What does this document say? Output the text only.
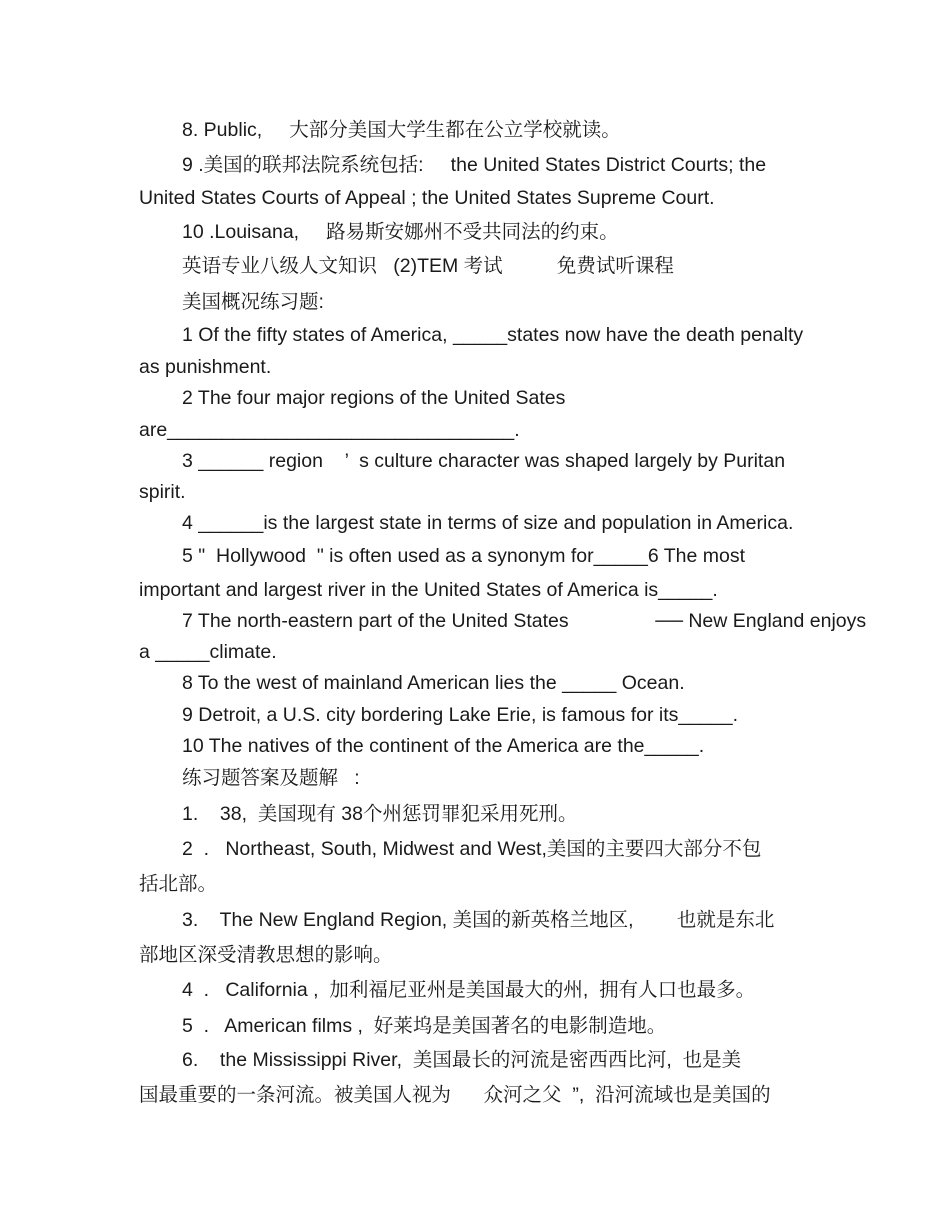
8. Public,     大部分美国大学生都在公立学校就读。
9 .美国的联邦法院系统包括:     the United States District Courts; the
United States Courts of Appeal ; the United States Supreme Court.
10 .Louisana,     路易斯安娜州不受共同法的约束。
英语专业八级人文知识   (2)TEM 考试          免费试听课程
美国概况练习题:
1 Of the fifty states of America, _____states now have the death penalty
as punishment.
2 The four major regions of the United Sates
are________________________________.
3 ______ region    ’  s culture character was shaped largely by Puritan
spirit.
4 ______is the largest state in terms of size and population in America.
5 "  Hollywood  " is often used as a synonym for_____6 The most
important and largest river in the United States of America is_____.
7 The north-eastern part of the United States                ── New England enjoys
a _____climate.
8 To the west of mainland American lies the _____ Ocean.
9 Detroit, a U.S. city bordering Lake Erie, is famous for its_____.
10 The natives of the continent of the America are the_____.
练习题答案及题解   :
1.    38,  美国现有 38个州惩罚罪犯采用死刑。
2  .   Northeast, South, Midwest and West,美国的主要四大部分不包
括北部。
3.    The New England Region, 美国的新英格兰地区,        也就是东北
部地区深受清教思想的影响。
4  .   California ,  加利福尼亚州是美国最大的州,  拥有人口也最多。
5  .   American films ,  好莱坞是美国著名的电影制造地。
6.    the Mississippi River,  美国最长的河流是密西西比河,  也是美
国最重要的一条河流。被美国人视为      众河之父  ”,  沿河流域也是美国的
